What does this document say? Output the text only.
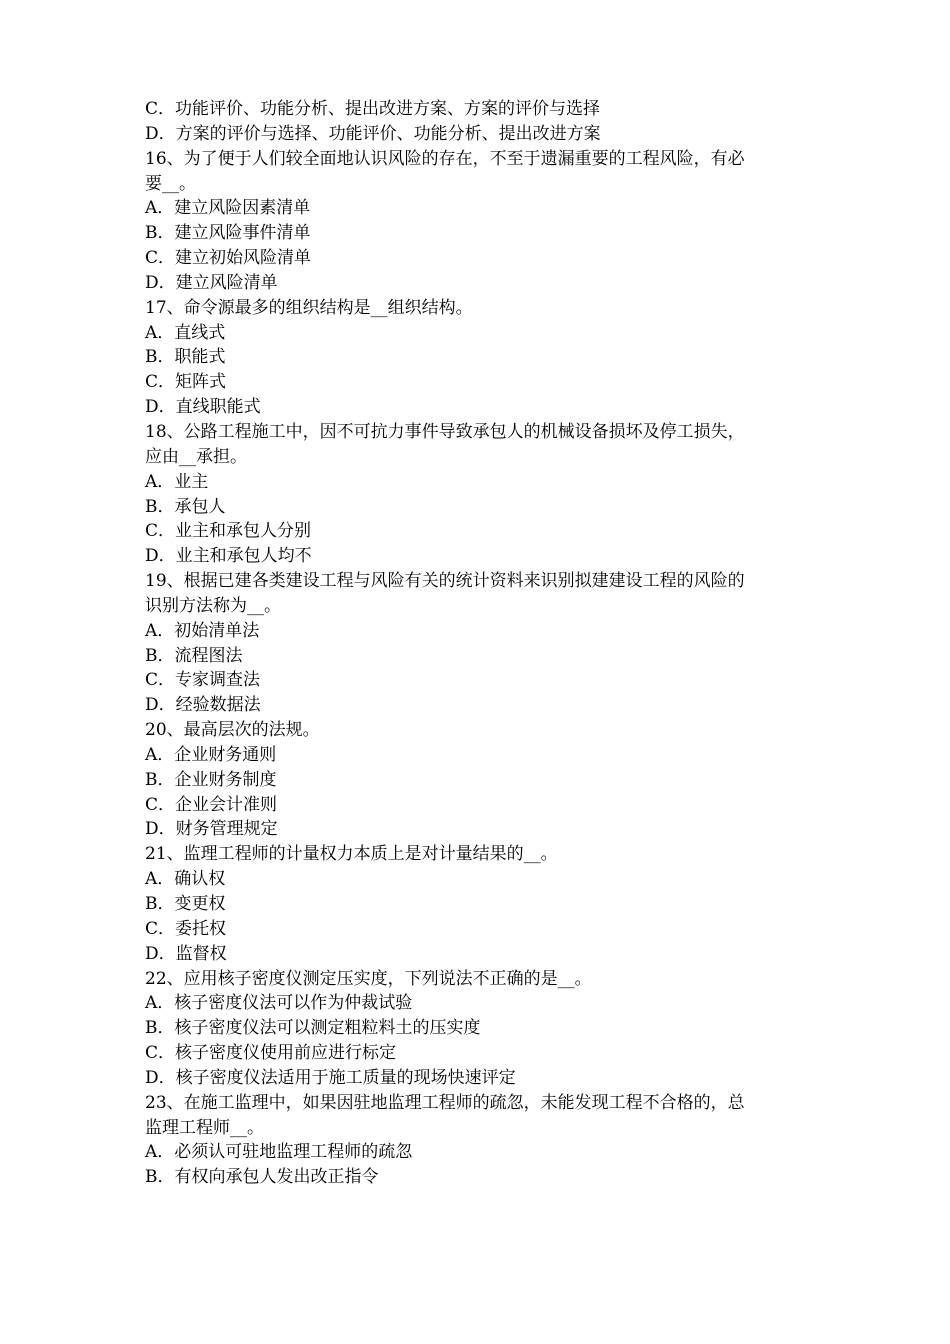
C．功能评价、功能分析、提出改进方案、方案的评价与选择
D．方案的评价与选择、功能评价、功能分析、提出改进方案
16、为了便于人们较全面地认识风险的存在，不至于遗漏重要的工程风险，有必
要__。
A．建立风险因素清单
B．建立风险事件清单
C．建立初始风险清单
D．建立风险清单
17、命令源最多的组织结构是__组织结构。
A．直线式
B．职能式
C．矩阵式
D．直线职能式
18、公路工程施工中，因不可抗力事件导致承包人的机械设备损坏及停工损失，
应由__承担。
A．业主
B．承包人
C．业主和承包人分别
D．业主和承包人均不
19、根据已建各类建设工程与风险有关的统计资料来识别拟建建设工程的风险的
识别方法称为__。
A．初始清单法
B．流程图法
C．专家调查法
D．经验数据法
20、最高层次的法规。
A．企业财务通则
B．企业财务制度
C．企业会计准则
D．财务管理规定
21、监理工程师的计量权力本质上是对计量结果的__。
A．确认权
B．变更权
C．委托权
D．监督权
22、应用核子密度仪测定压实度，下列说法不正确的是__。
A．核子密度仪法可以作为仲裁试验
B．核子密度仪法可以测定粗粒料土的压实度
C．核子密度仪使用前应进行标定
D．核子密度仪法适用于施工质量的现场快速评定
23、在施工监理中，如果因驻地监理工程师的疏忽，未能发现工程不合格的，总
监理工程师__。
A．必须认可驻地监理工程师的疏忽
B．有权向承包人发出改正指令
